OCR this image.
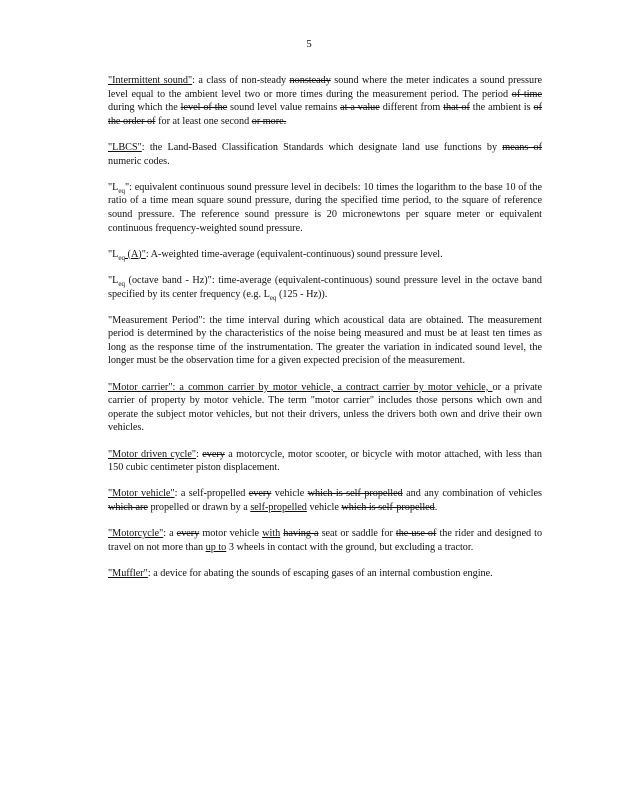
5

"Intermittent sound": a class of non-steady nonsteady sound where the meter indicates a sound pressure level equal to the ambient level two or more times during the measurement period. The period of time during which the level of the sound level value remains at a value different from that of the ambient is of the order of for at least one second or more.

"LBCS": the Land-Based Classification Standards which designate land use functions by means of numeric codes.

"$L_{eq}$": equivalent continuous sound pressure level in decibels: 10 times the logarithm to the base 10 of the ratio of a time mean square sound pressure, during the specified time period, to the square of reference sound pressure. The reference sound pressure is 20 micronewtons per square meter or equivalent continuous frequency-weighted sound pressure.

"$L_{eq}$ (A)": A-weighted time-average (equivalent-continuous) sound pressure level.

"$L_{eq}$ (octave band - Hz)": time-average (equivalent-continuous) sound pressure level in the octave band specified by its center frequency (e.g. $L_{eq}$ (125 - Hz)).

"Measurement Period": the time interval during which acoustical data are obtained. The measurement period is determined by the characteristics of the noise being measured and must be at least ten times as long as the response time of the instrumentation. The greater the variation in indicated sound level, the longer must be the observation time for a given expected precision of the measurement.

"Motor carrier": a common carrier by motor vehicle, a contract carrier by motor vehicle, or a private carrier of property by motor vehicle. The term "motor carrier" includes those persons which own and operate the subject motor vehicles, but not their drivers, unless the drivers both own and drive their own vehicles.

"Motor driven cycle": every a motorcycle, motor scooter, or bicycle with motor attached, with less than 150 cubic centimeter piston displacement.

"Motor vehicle": a self-propelled every vehicle which is self-propelled and any combination of vehicles which are propelled or drawn by a self-propelled vehicle which is self-propelled.

"Motorcycle": a every motor vehicle with having a seat or saddle for the use of the rider and designed to travel on not more than up to 3 wheels in contact with the ground, but excluding a tractor.

"Muffler": a device for abating the sounds of escaping gases of an internal combustion engine.
